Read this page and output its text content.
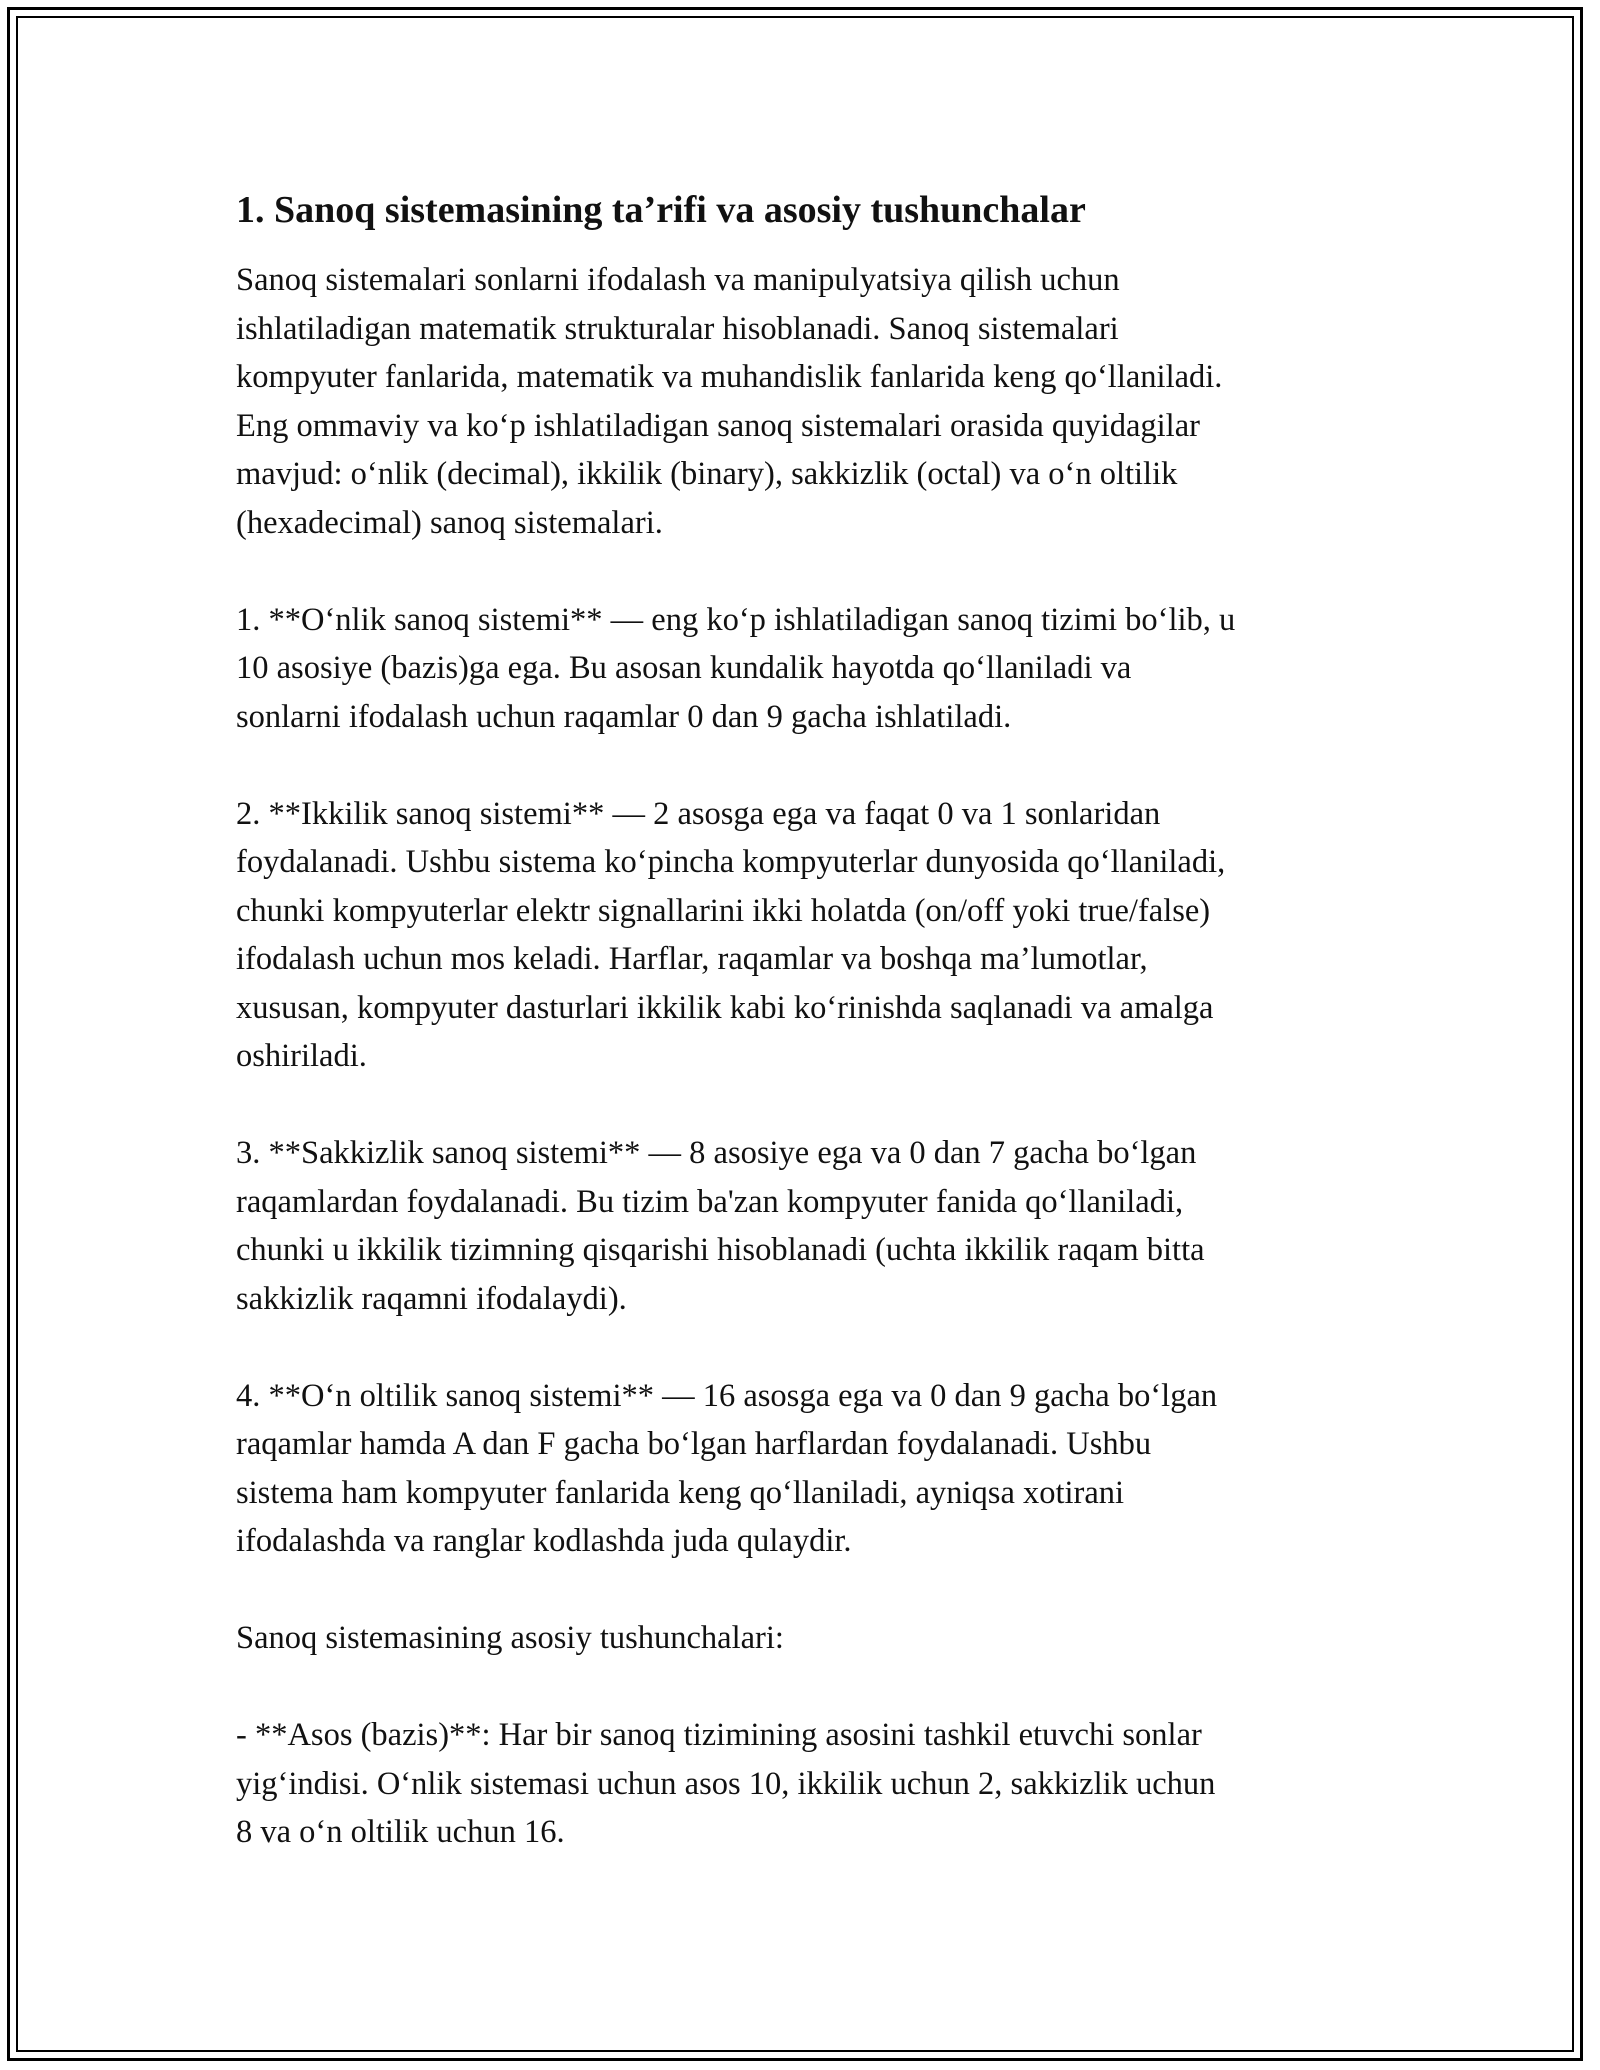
1. Sanoq sistemasining ta’rifi va asosiy tushunchalar

Sanoq sistemalari sonlarni ifodalash va manipulyatsiya qilish uchun
ishlatiladigan matematik strukturalar hisoblanadi. Sanoq sistemalari
kompyuter fanlarida, matematik va muhandislik fanlarida keng qo‘llaniladi.
Eng ommaviy va ko‘p ishlatiladigan sanoq sistemalari orasida quyidagilar
mavjud: o‘nlik (decimal), ikkilik (binary), sakkizlik (octal) va o‘n oltilik
(hexadecimal) sanoq sistemalari.

1. **O‘nlik sanoq sistemi** — eng ko‘p ishlatiladigan sanoq tizimi bo‘lib, u
10 asosiye (bazis)ga ega. Bu asosan kundalik hayotda qo‘llaniladi va
sonlarni ifodalash uchun raqamlar 0 dan 9 gacha ishlatiladi.

2. **Ikkilik sanoq sistemi** — 2 asosga ega va faqat 0 va 1 sonlaridan
foydalanadi. Ushbu sistema ko‘pincha kompyuterlar dunyosida qo‘llaniladi,
chunki kompyuterlar elektr signallarini ikki holatda (on/off yoki true/false)
ifodalash uchun mos keladi. Harflar, raqamlar va boshqa ma’lumotlar,
xususan, kompyuter dasturlari ikkilik kabi ko‘rinishda saqlanadi va amalga
oshiriladi.

3. **Sakkizlik sanoq sistemi** — 8 asosiye ega va 0 dan 7 gacha bo‘lgan
raqamlardan foydalanadi. Bu tizim ba'zan kompyuter fanida qo‘llaniladi,
chunki u ikkilik tizimning qisqarishi hisoblanadi (uchta ikkilik raqam bitta
sakkizlik raqamni ifodalaydi).

4. **O‘n oltilik sanoq sistemi** — 16 asosga ega va 0 dan 9 gacha bo‘lgan
raqamlar hamda A dan F gacha bo‘lgan harflardan foydalanadi. Ushbu
sistema ham kompyuter fanlarida keng qo‘llaniladi, ayniqsa xotirani
ifodalashda va ranglar kodlashda juda qulaydir.

Sanoq sistemasining asosiy tushunchalari:

- **Asos (bazis)**: Har bir sanoq tizimining asosini tashkil etuvchi sonlar
yig‘indisi. O‘nlik sistemasi uchun asos 10, ikkilik uchun 2, sakkizlik uchun
8 va o‘n oltilik uchun 16.
